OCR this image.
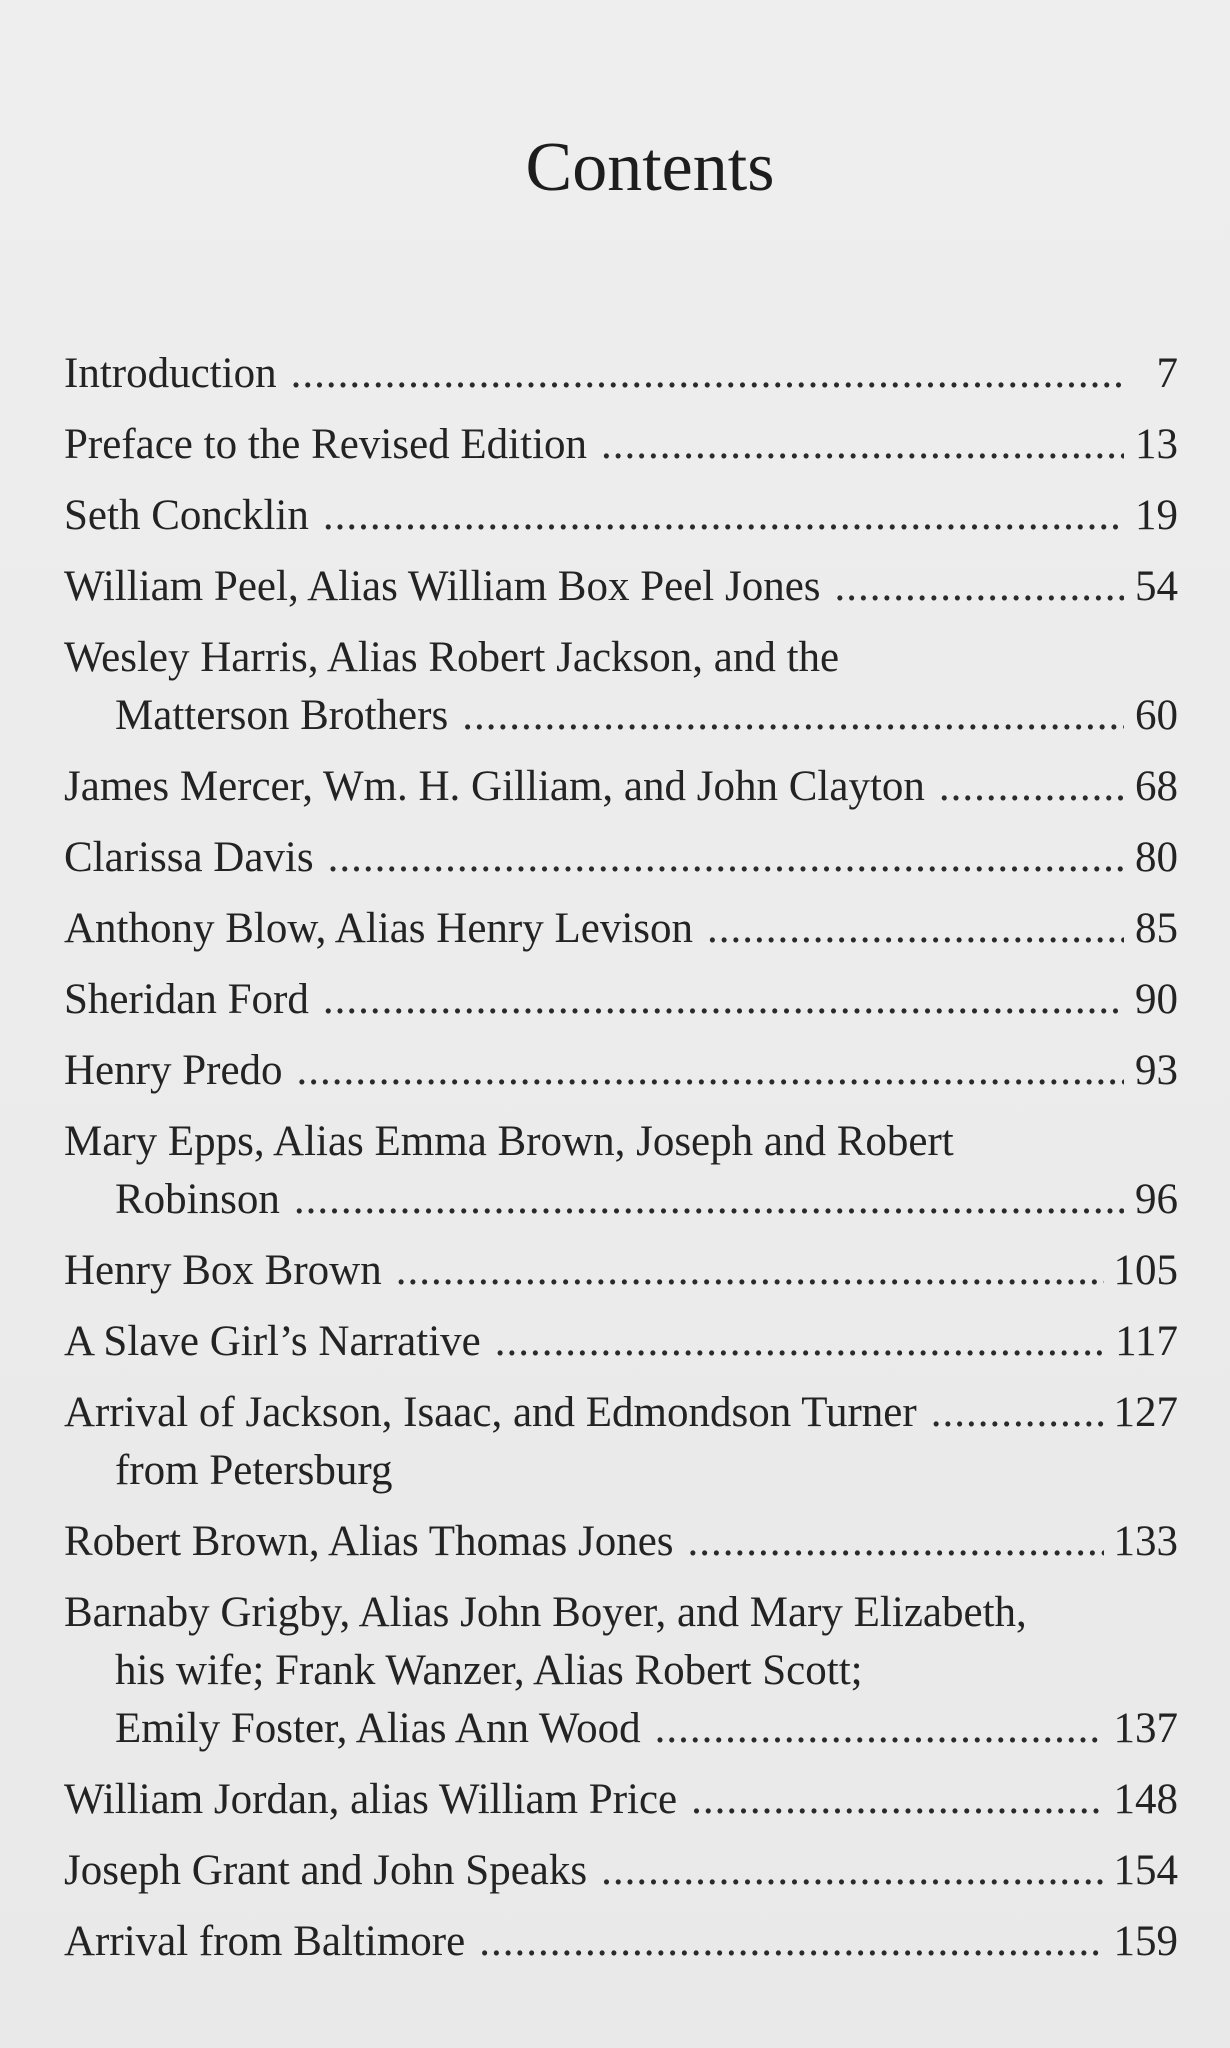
Contents
Introduction .....	7
Preface to the Revised Edition .....	13
Seth Concklin .....	19
William Peel, Alias William Box Peel Jones .....	54
Wesley Harris, Alias Robert Jackson, and the
Matterson Brothers .....	60
James Mercer, Wm. H. Gilliam, and John Clayton .....	68
Clarissa Davis .....	80
Anthony Blow, Alias Henry Levison .....	85
Sheridan Ford .....	90
Henry Predo .....	93
Mary Epps, Alias Emma Brown, Joseph and Robert
Robinson .....	96
Henry Box Brown .....	105
A Slave Girl’s Narrative .....	117
Arrival of Jackson, Isaac, and Edmondson Turner .....	127
from Petersburg
Robert Brown, Alias Thomas Jones .....	133
Barnaby Grigby, Alias John Boyer, and Mary Elizabeth,
his wife; Frank Wanzer, Alias Robert Scott;
Emily Foster, Alias Ann Wood .....	137
William Jordan, alias William Price .....	148
Joseph Grant and John Speaks .....	154
Arrival from Baltimore .....	159
